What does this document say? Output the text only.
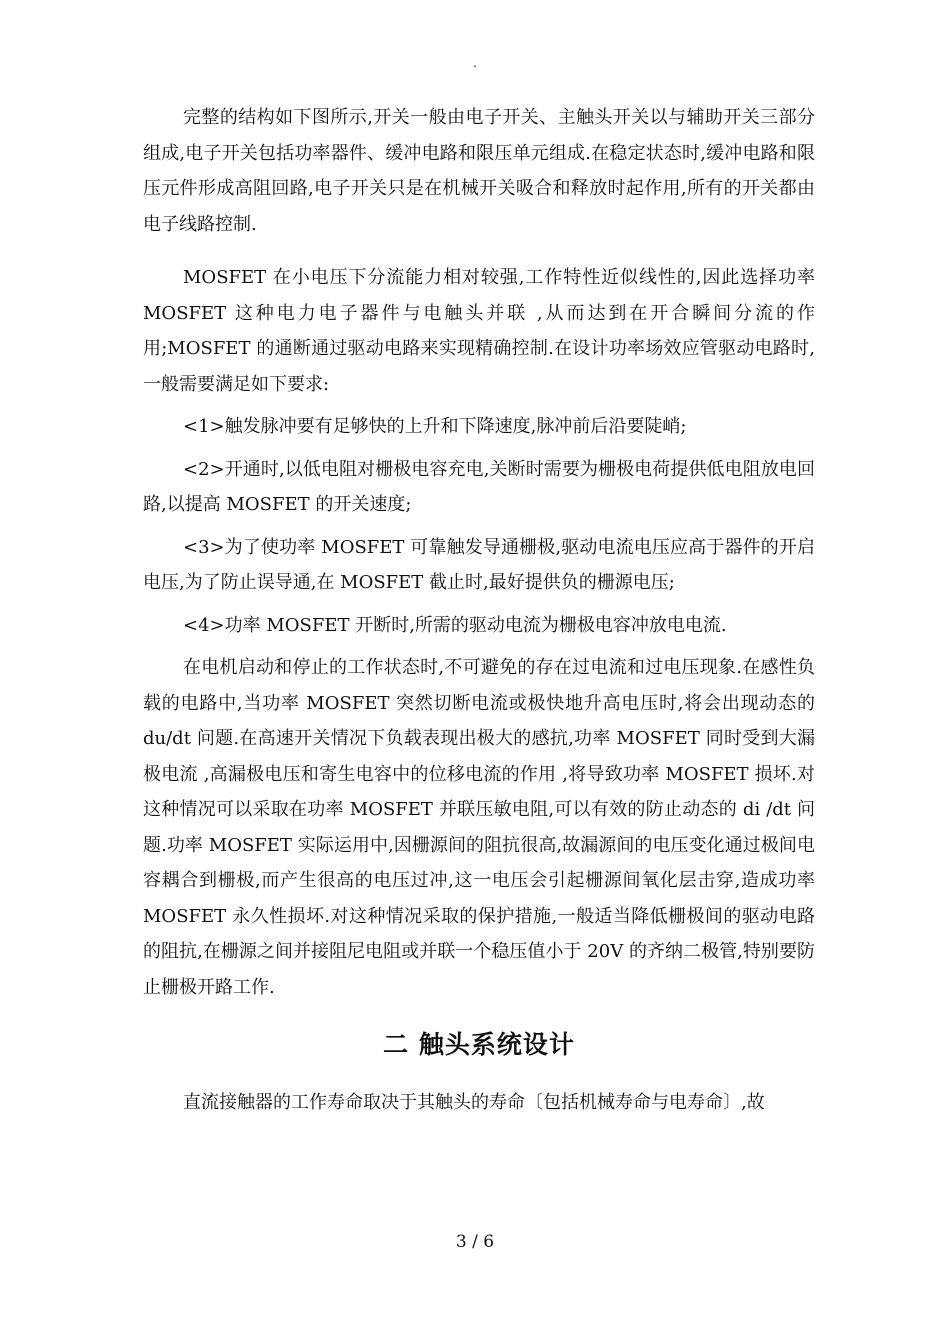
.

完整的结构如下图所示,开关一般由电子开关、主触头开关以与辅助开关三部分组成,电子开关包括功率器件、缓冲电路和限压单元组成.在稳定状态时,缓冲电路和限压元件形成高阻回路,电子开关只是在机械开关吸合和释放时起作用,所有的开关都由电子线路控制.

MOSFET 在小电压下分流能力相对较强,工作特性近似线性的,因此选择功率 MOSFET 这种电力电子器件与电触头并联 ,从而达到在开合瞬间分流的作用;MOSFET 的通断通过驱动电路来实现精确控制.在设计功率场效应管驱动电路时,一般需要满足如下要求:

<1>触发脉冲要有足够快的上升和下降速度,脉冲前后沿要陡峭;

<2>开通时,以低电阻对栅极电容充电,关断时需要为栅极电荷提供低电阻放电回路,以提高 MOSFET 的开关速度;

<3>为了使功率 MOSFET 可靠触发导通栅极,驱动电流电压应高于器件的开启电压,为了防止误导通,在 MOSFET 截止时,最好提供负的栅源电压;

<4>功率 MOSFET 开断时,所需的驱动电流为栅极电容冲放电电流.

在电机启动和停止的工作状态时,不可避免的存在过电流和过电压现象.在感性负载的电路中,当功率 MOSFET 突然切断电流或极快地升高电压时,将会出现动态的 du/dt 问题.在高速开关情况下负载表现出极大的感抗,功率 MOSFET 同时受到大漏极电流 ,高漏极电压和寄生电容中的位移电流的作用 ,将导致功率 MOSFET 损坏.对这种情况可以采取在功率 MOSFET 并联压敏电阻,可以有效的防止动态的 di /dt 问题.功率 MOSFET 实际运用中,因栅源间的阻抗很高,故漏源间的电压变化通过极间电容耦合到栅极,而产生很高的电压过冲,这一电压会引起栅源间氧化层击穿,造成功率 MOSFET 永久性损坏.对这种情况采取的保护措施,一般适当降低栅极间的驱动电路的阻抗,在栅源之间并接阻尼电阻或并联一个稳压值小于 20V 的齐纳二极管,特别要防止栅极开路工作.

二 触头系统设计

直流接触器的工作寿命取决于其触头的寿命〔包括机械寿命与电寿命〕,故

3 / 6
